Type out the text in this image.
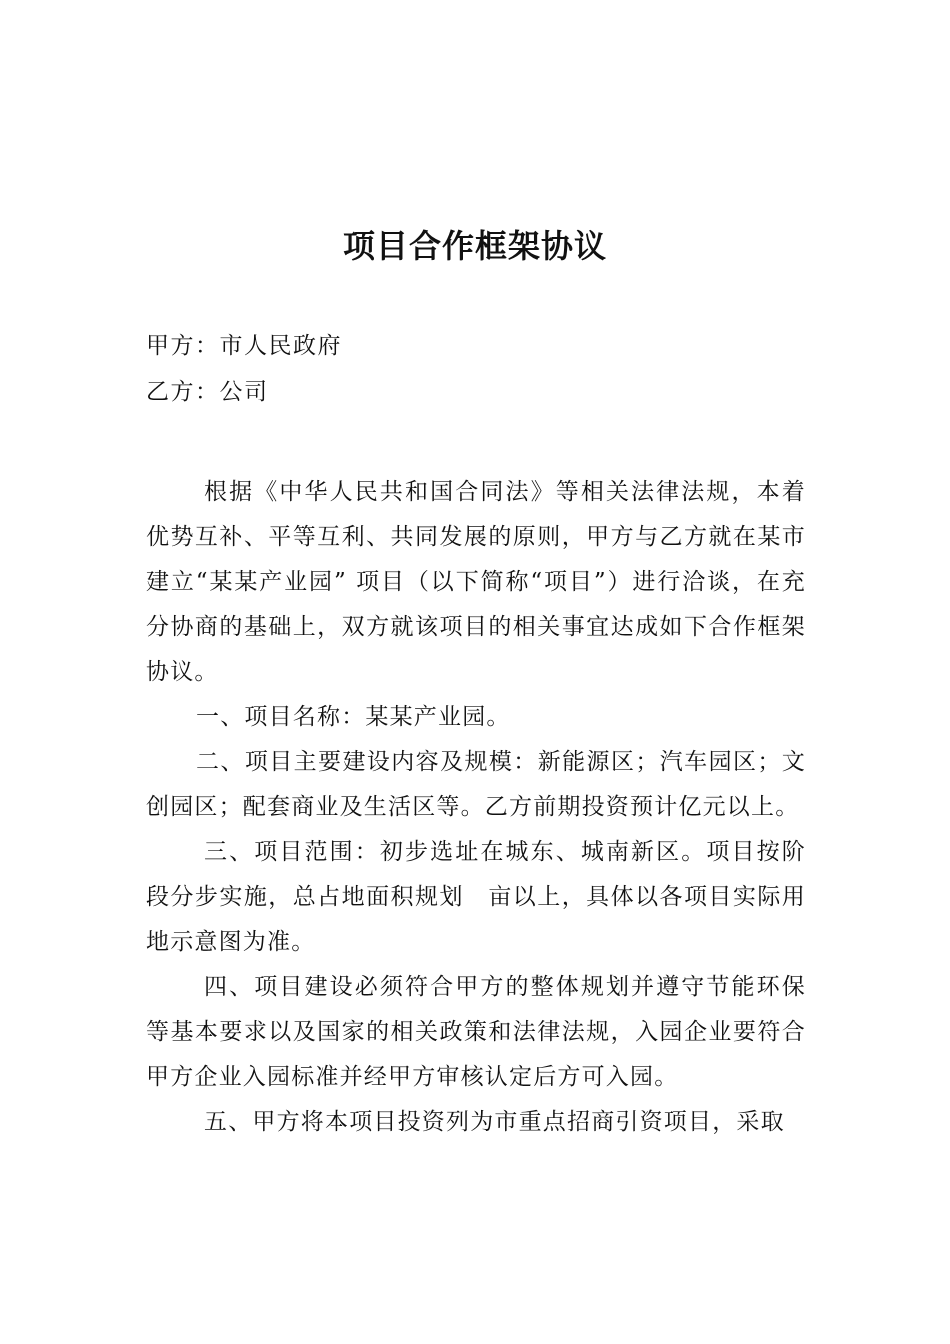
项目合作框架协议

甲方：市人民政府

乙方：公司

根据《中华人民共和国合同法》等相关法律法规，本着优势互补、平等互利、共同发展的原则，甲方与乙方就在某市建立“某某产业园” 项目（以下简称“项目”）进行洽谈，在充分协商的基础上，双方就该项目的相关事宜达成如下合作框架协议。

一、项目名称：某某产业园。

二、项目主要建设内容及规模：新能源区；汽车园区；文创园区；配套商业及生活区等。乙方前期投资预计亿元以上。

三、项目范围：初步选址在城东、城南新区。项目按阶段分步实施，总占地面积规划　亩以上，具体以各项目实际用地示意图为准。

四、项目建设必须符合甲方的整体规划并遵守节能环保等基本要求以及国家的相关政策和法律法规，入园企业要符合甲方企业入园标准并经甲方审核认定后方可入园。

五、甲方将本项目投资列为市重点招商引资项目，采取
